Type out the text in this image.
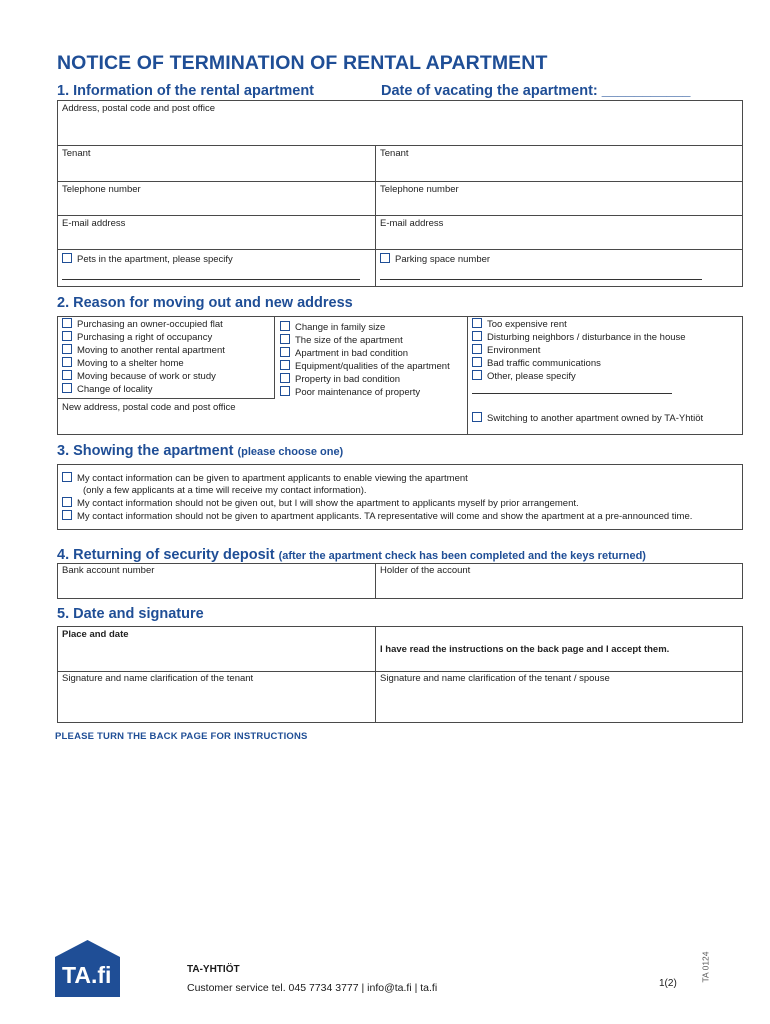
NOTICE OF TERMINATION OF RENTAL APARTMENT
1. Information of the rental apartment	Date of vacating the apartment: ___________
Address, postal code and post office
Tenant	Tenant
Telephone number	Telephone number
E-mail address	E-mail address
Pets in the apartment, please specify	Parking space number
2. Reason for moving out and new address
Purchasing an owner-occupied flat
Purchasing a right of occupancy
Moving to another rental apartment
Moving to a shelter home
Moving because of work or study
Change of locality
Change in family size
The size of the apartment
Apartment in bad condition
Equipment/qualities of the apartment
Property in bad condition
Poor maintenance of property
Too expensive rent
Disturbing neighbors / disturbance in the house
Environment
Bad traffic communications
Other, please specify
New address, postal code and post office
Switching to another apartment owned by TA-Yhtiöt
3. Showing the apartment (please choose one)
My contact information can be given to apartment applicants to enable viewing the apartment
(only a few applicants at a time will receive my contact information).
My contact information should not be given out, but I will show the apartment to applicants myself by prior arrangement.
My contact information should not be given to apartment applicants. TA representative will come and show the apartment at a pre-announced time.
4. Returning of security deposit (after the apartment check has been completed and the keys returned)
Bank account number	Holder of the account
5. Date and signature
Place and date
I have read the instructions on the back page and I accept them.
Signature and name clarification of the tenant	Signature and name clarification of the tenant / spouse
PLEASE TURN THE BACK PAGE FOR INSTRUCTIONS
TA.fi	TA-YHTIÖT
Customer service tel. 045 7734 3777 | info@ta.fi | ta.fi	1(2)
TA 0124
